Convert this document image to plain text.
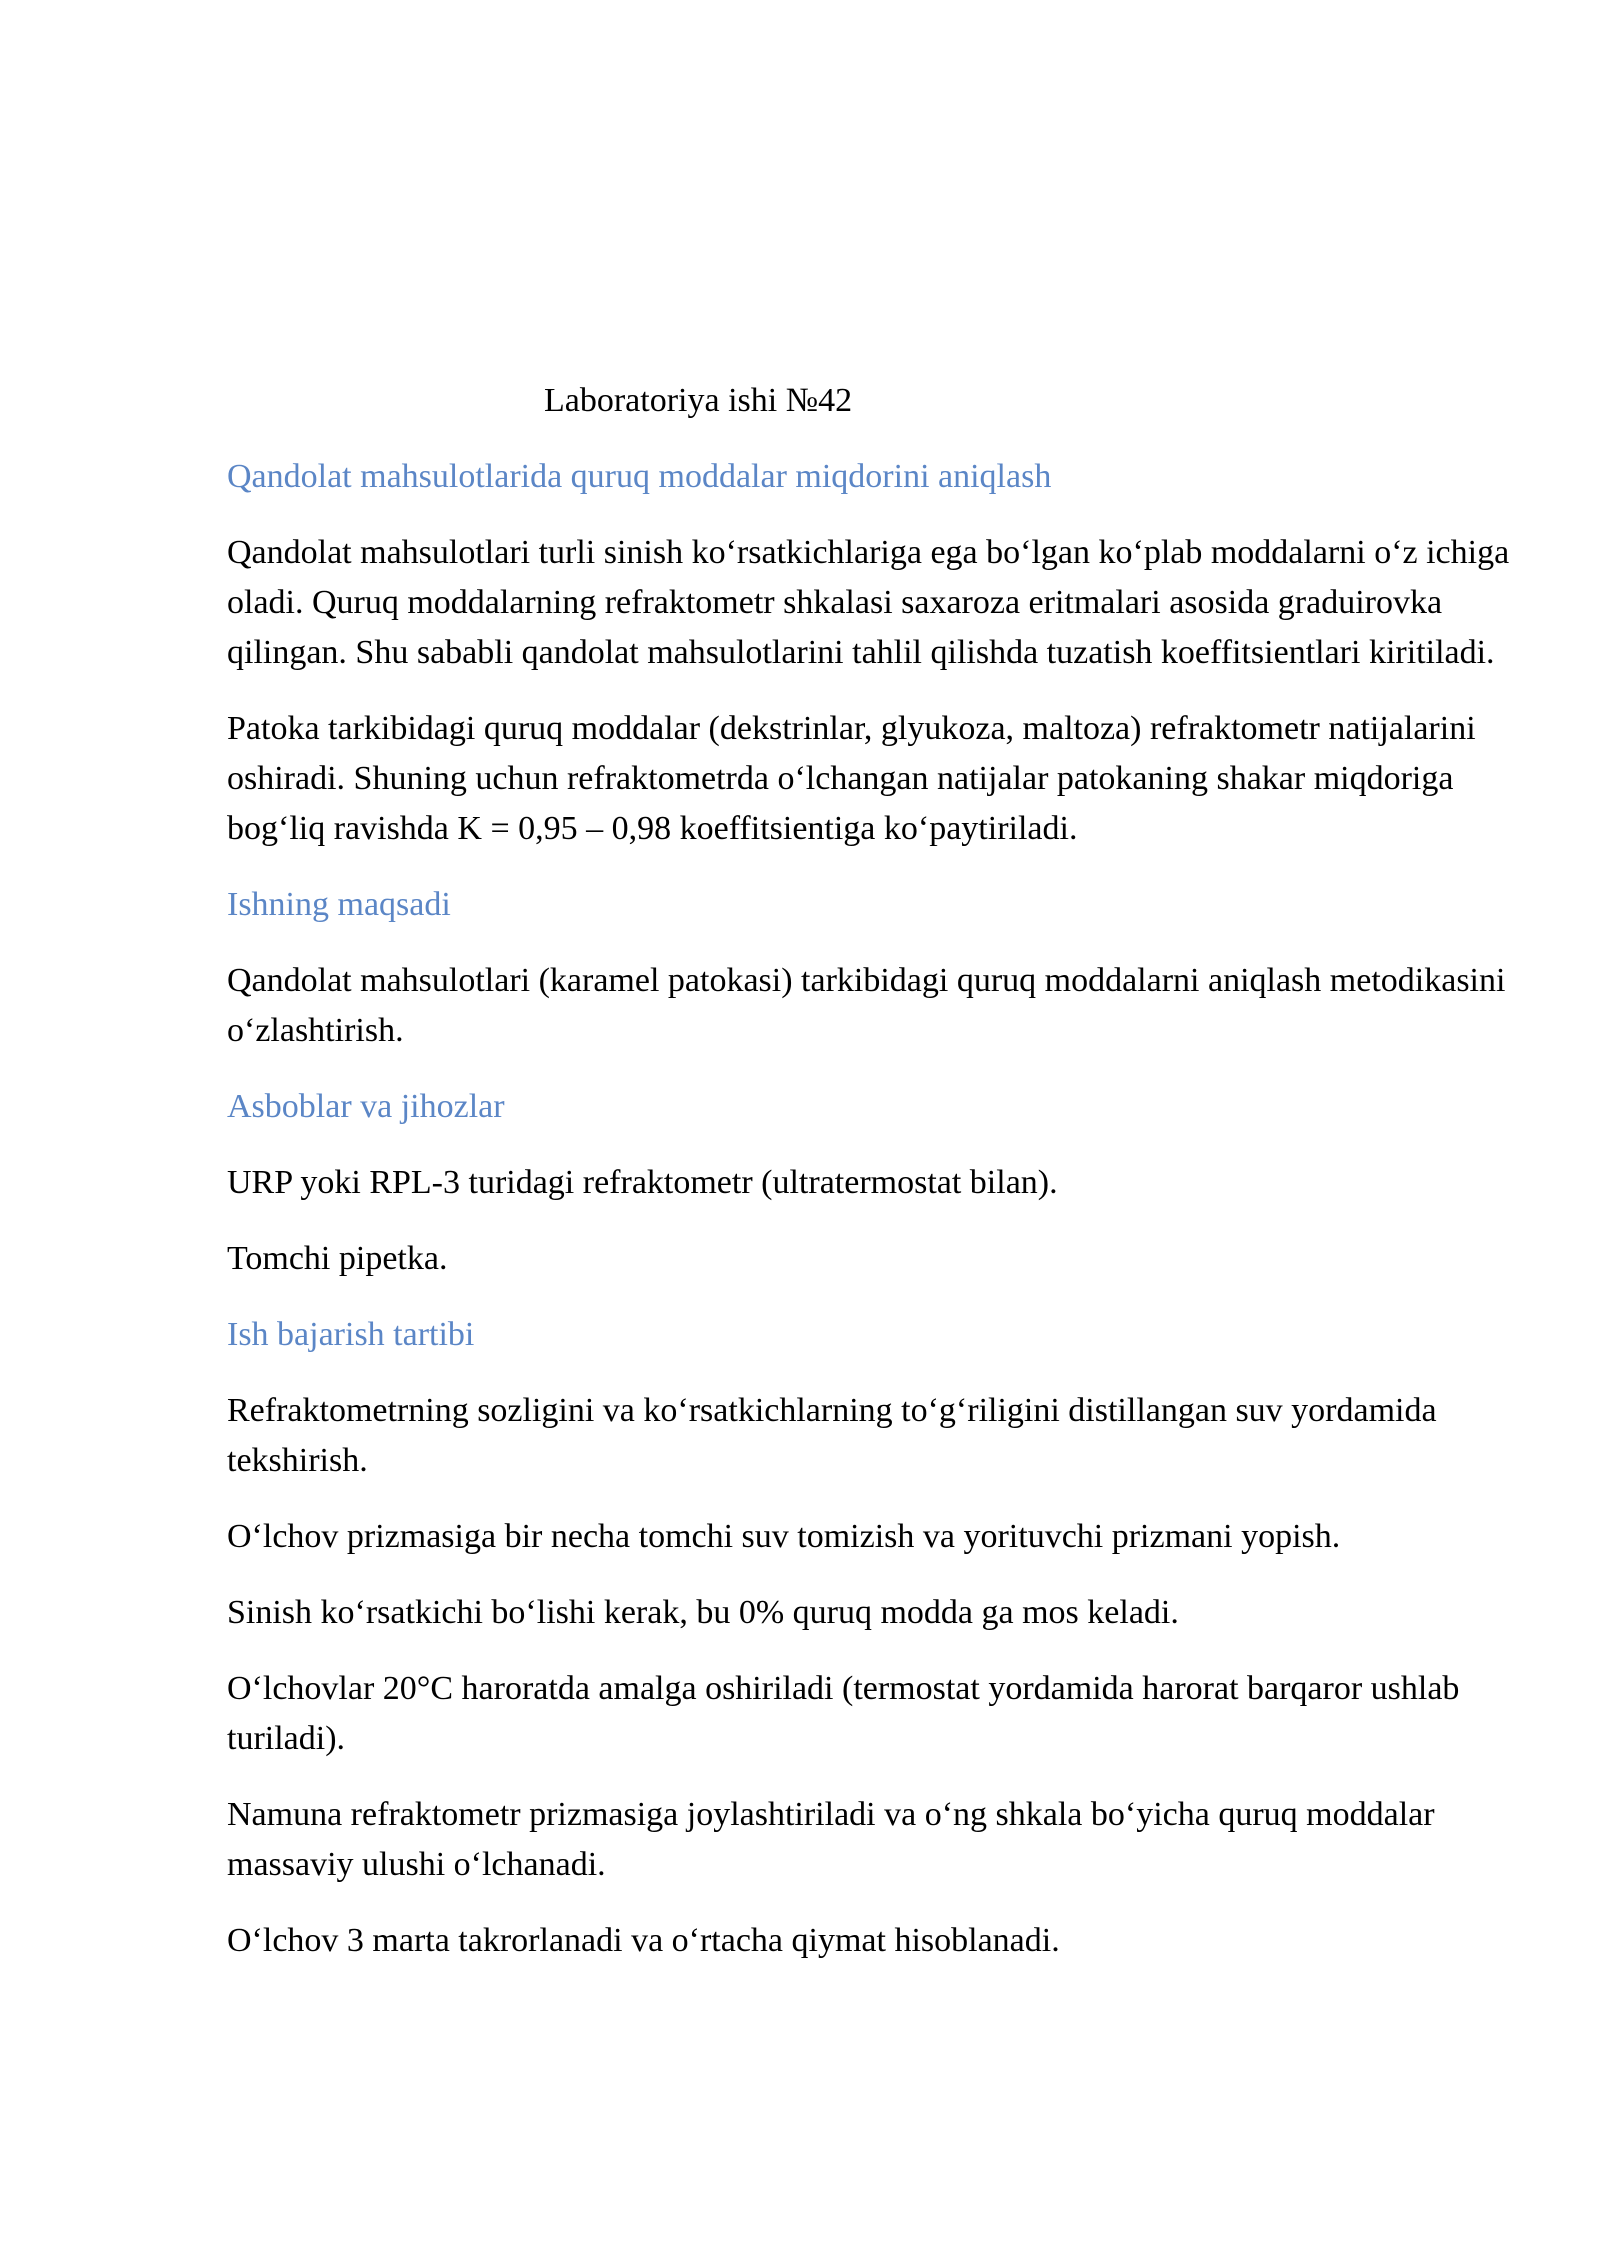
Laboratoriya ishi №42
Qandolat mahsulotlarida quruq moddalar miqdorini aniqlash

Qandolat mahsulotlari turli sinish koʻrsatkichlariga ega boʻlgan koʻplab moddalarni oʻz ichiga oladi. Quruq moddalarning refraktometr shkalasi saxaroza eritmalari asosida graduirovka qilingan. Shu sababli qandolat mahsulotlarini tahlil qilishda tuzatish koeffitsientlari kiritiladi.

Patoka tarkibidagi quruq moddalar (dekstrinlar, glyukoza, maltoza) refraktometr natijalarini oshiradi. Shuning uchun refraktometrda oʻlchangan natijalar patokaning shakar miqdoriga bogʻliq ravishda K = 0,95 – 0,98 koeffitsientiga koʻpaytiriladi.

Ishning maqsadi

Qandolat mahsulotlari (karamel patokasi) tarkibidagi quruq moddalarni aniqlash metodikasini oʻzlashtirish.

Asboblar va jihozlar

URP yoki RPL-3 turidagi refraktometr (ultratermostat bilan).

Tomchi pipetka.

Ish bajarish tartibi

Refraktometrning sozligini va koʻrsatkichlarning toʻgʻriligini distillangan suv yordamida tekshirish.

Oʻlchov prizmasiga bir necha tomchi suv tomizish va yorituvchi prizmani yopish.

Sinish koʻrsatkichi boʻlishi kerak, bu 0% quruq modda ga mos keladi.

Oʻlchovlar 20°C haroratda amalga oshiriladi (termostat yordamida harorat barqaror ushlab turiladi).

Namuna refraktometr prizmasiga joylashtiriladi va oʻng shkala boʻyicha quruq moddalar massaviy ulushi oʻlchanadi.

Oʻlchov 3 marta takrorlanadi va oʻrtacha qiymat hisoblanadi.
